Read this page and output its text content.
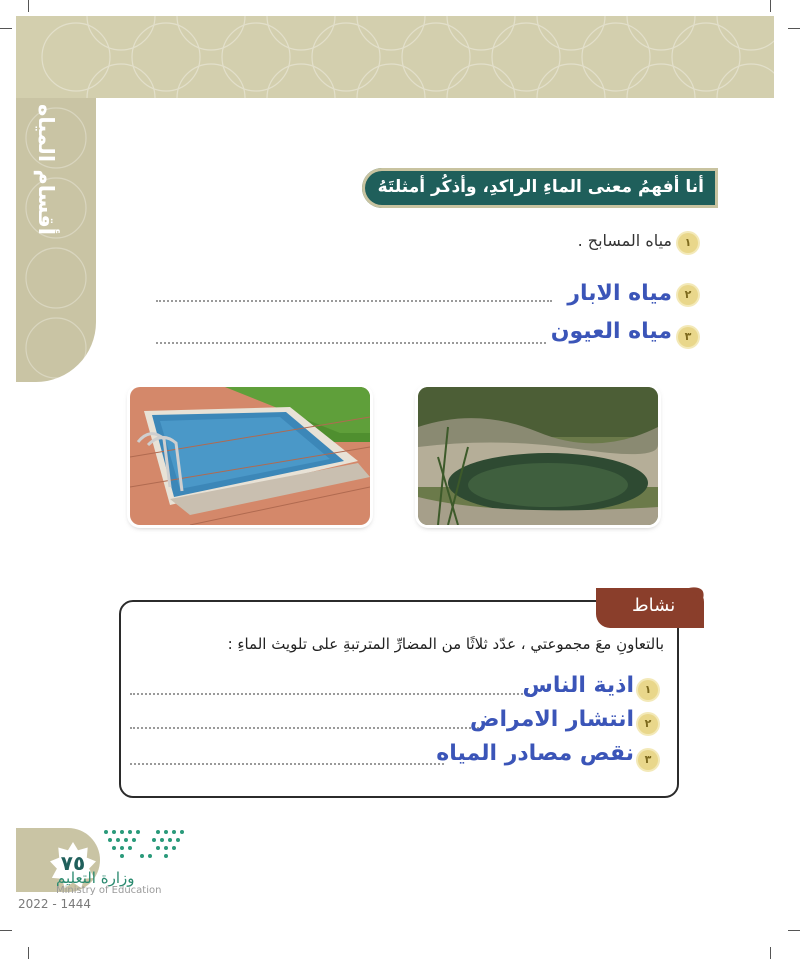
أقسام المياه	أنا أفهمُ معنى الماءِ الراكدِ، وأذكُر أمثلتَهُ
١
مياه المسابح .
٢
مياه الابار
٣
مياه العيون
نشاط ?
بالتعاونِ معَ مجموعتي ، عدّد ثلاثًا من المضارِّ المترتبةِ على تلويث الماءِ :
١
اذية الناس
٢
انتشار الامراض
٣
نقص مصادر المياه
٧٥
وزارة التعليم
Ministry of Education
2022 - 1444
